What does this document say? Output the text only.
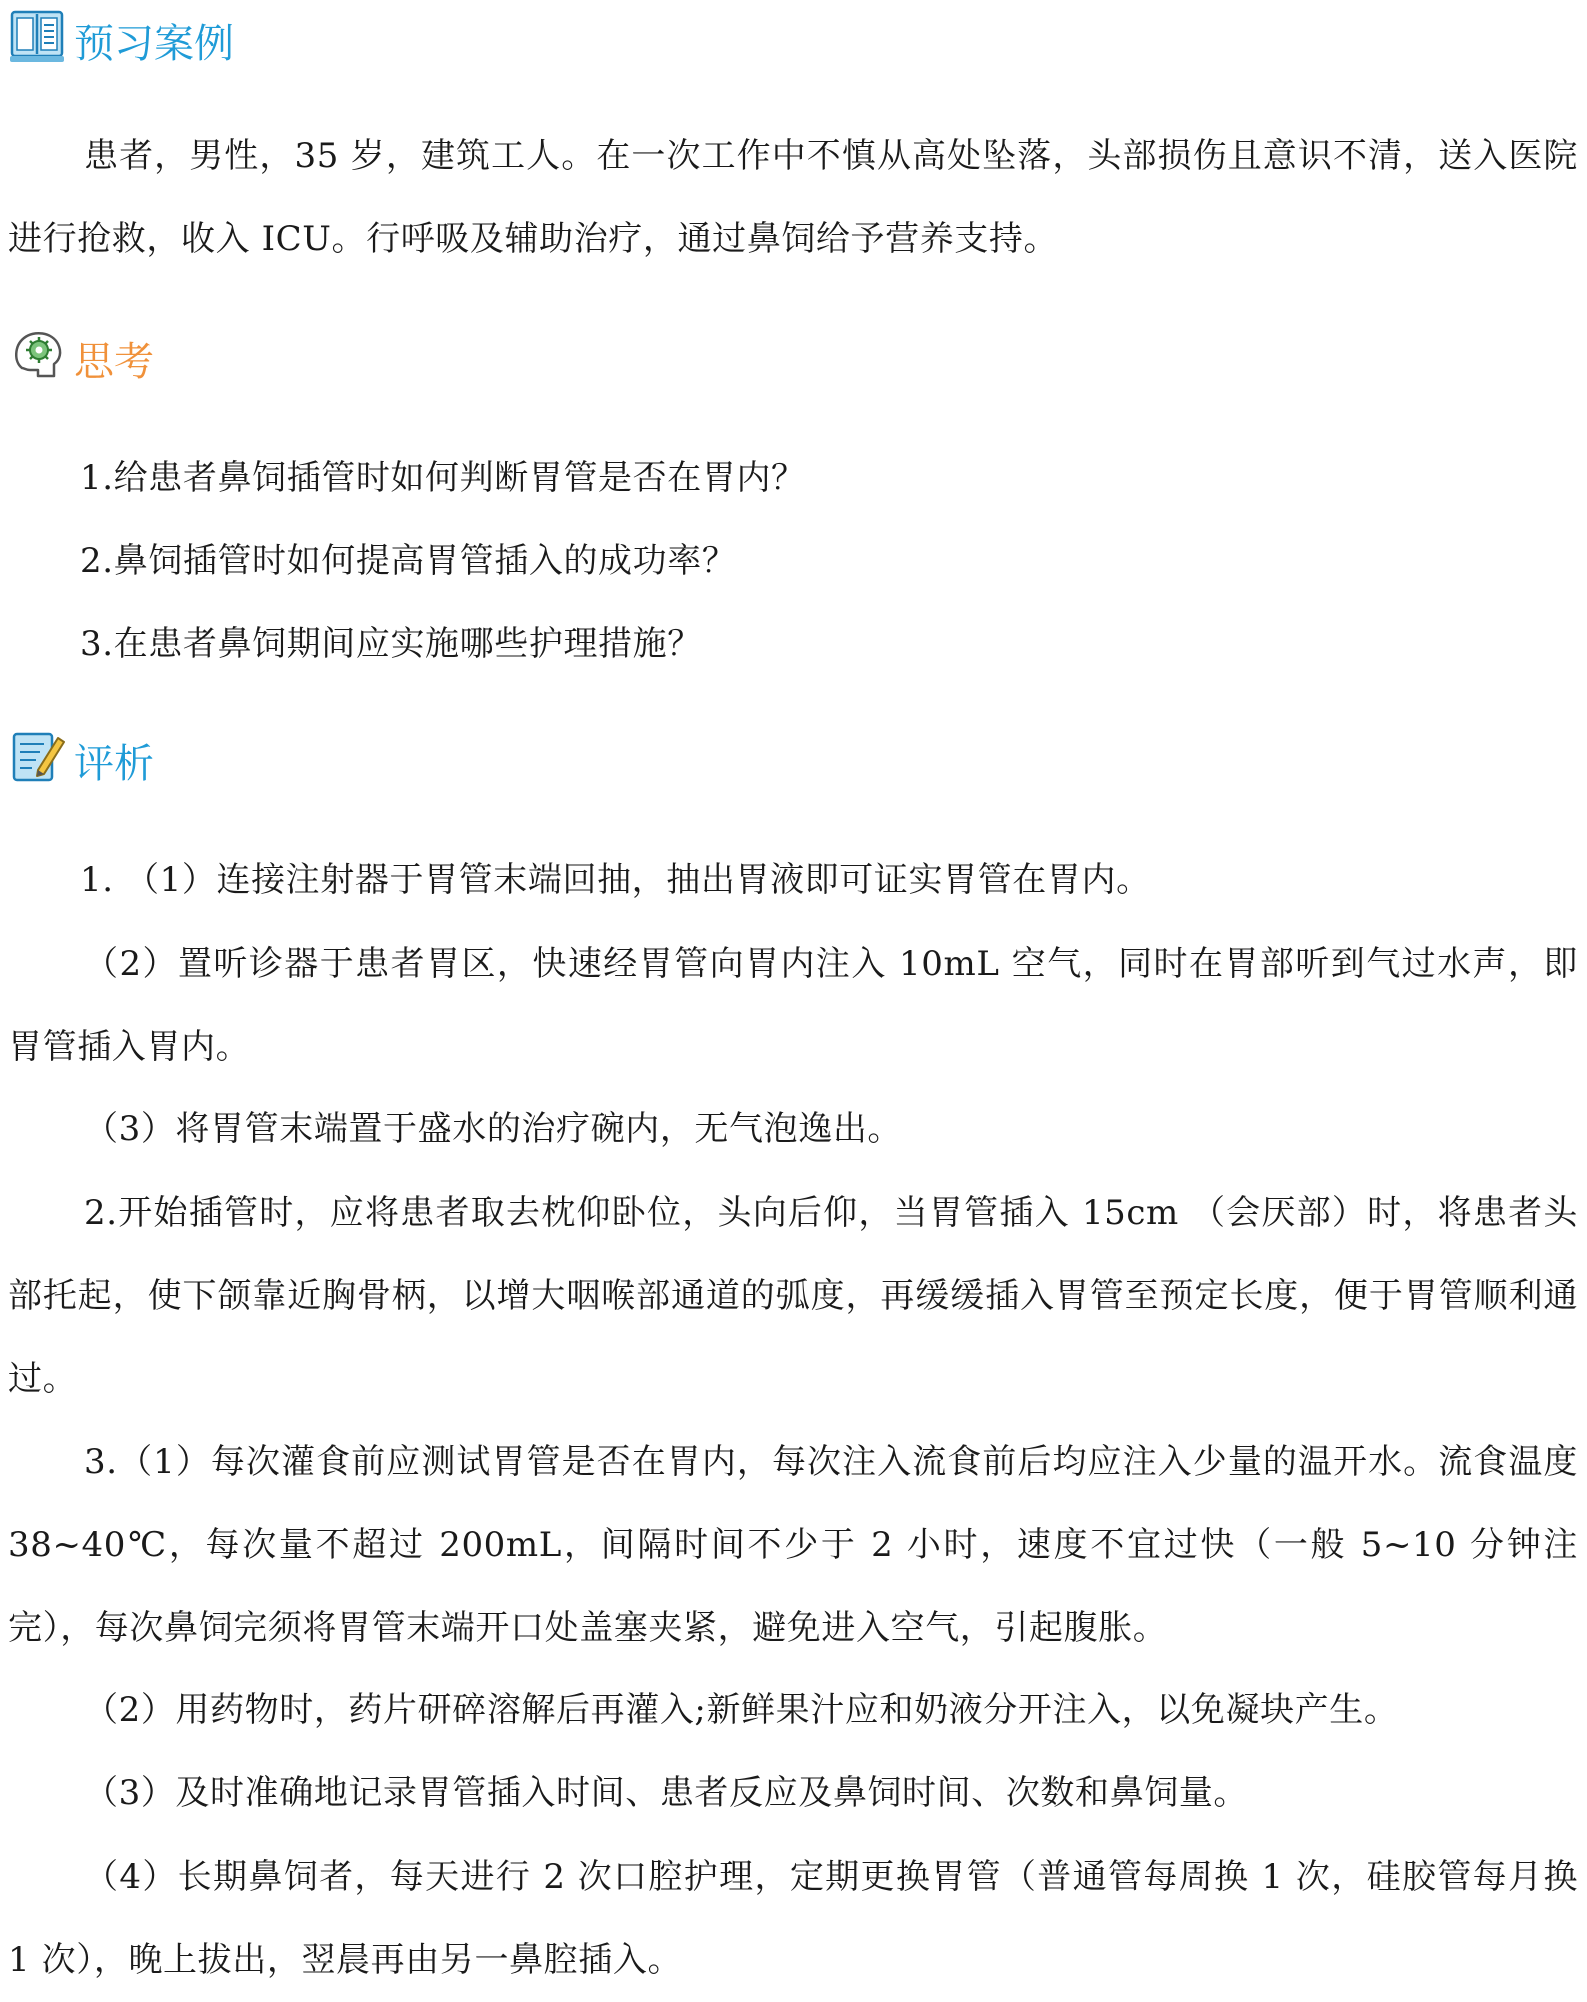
预习案例
患者，男性，35 岁，建筑工人。在一次工作中不慎从高处坠落，头部损伤且意识不清，送入医院进行抢救，收入 ICU。行呼吸及辅助治疗，通过鼻饲给予营养支持。
思考
1.给患者鼻饲插管时如何判断胃管是否在胃内？
2.鼻饲插管时如何提高胃管插入的成功率？
3.在患者鼻饲期间应实施哪些护理措施？
评析
1. （1）连接注射器于胃管末端回抽，抽出胃液即可证实胃管在胃内。
（2）置听诊器于患者胃区，快速经胃管向胃内注入 10mL 空气，同时在胃部听到气过水声，即胃管插入胃内。
（3）将胃管末端置于盛水的治疗碗内，无气泡逸出。
2.开始插管时，应将患者取去枕仰卧位，头向后仰，当胃管插入 15cm （会厌部）时，将患者头部托起，使下颌靠近胸骨柄，以增大咽喉部通道的弧度，再缓缓插入胃管至预定长度，便于胃管顺利通过。
3.（1）每次灌食前应测试胃管是否在胃内，每次注入流食前后均应注入少量的温开水。流食温度 38~40℃，每次量不超过 200mL，间隔时间不少于 2 小时，速度不宜过快（一般 5~10 分钟注完），每次鼻饲完须将胃管末端开口处盖塞夹紧，避免进入空气，引起腹胀。
（2）用药物时，药片研碎溶解后再灌入;新鲜果汁应和奶液分开注入，以免凝块产生。
（3）及时准确地记录胃管插入时间、患者反应及鼻饲时间、次数和鼻饲量。
（4）长期鼻饲者，每天进行 2 次口腔护理，定期更换胃管（普通管每周换 1 次，硅胶管每月换 1 次），晚上拔出，翌晨再由另一鼻腔插入。
